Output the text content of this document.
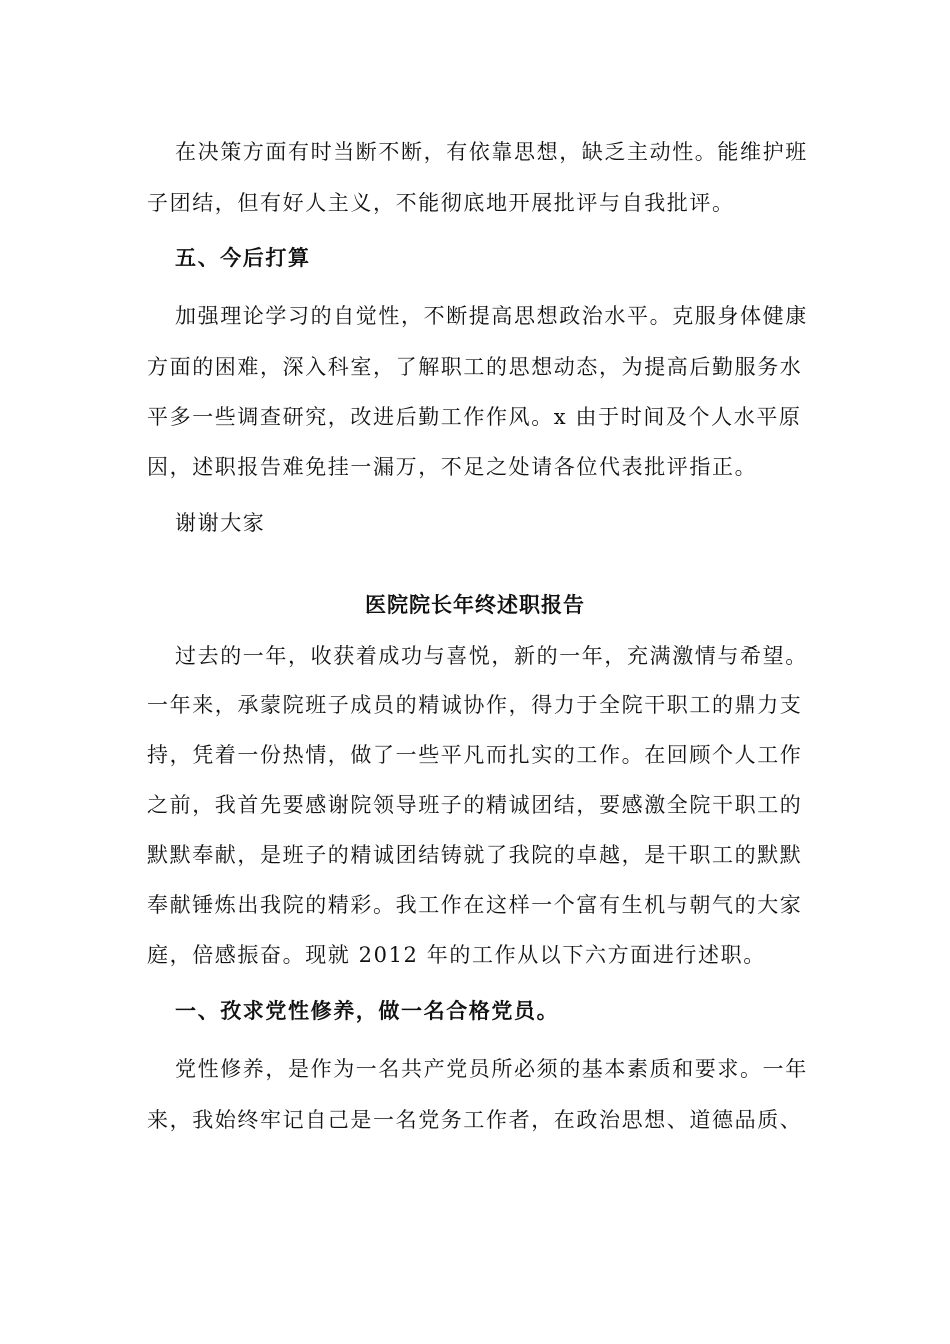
在决策方面有时当断不断，有依靠思想，缺乏主动性。能维护班
子团结，但有好人主义，不能彻底地开展批评与自我批评。
五、今后打算
加强理论学习的自觉性，不断提高思想政治水平。克服身体健康
方面的困难，深入科室，了解职工的思想动态，为提高后勤服务水
平多一些调查研究，改进后勤工作作风。x 由于时间及个人水平原
因，述职报告难免挂一漏万，不足之处请各位代表批评指正。
谢谢大家
医院院长年终述职报告
过去的一年，收获着成功与喜悦，新的一年，充满激情与希望。
一年来，承蒙院班子成员的精诚协作，得力于全院干职工的鼎力支
持，凭着一份热情，做了一些平凡而扎实的工作。在回顾个人工作
之前，我首先要感谢院领导班子的精诚团结，要感激全院干职工的
默默奉献，是班子的精诚团结铸就了我院的卓越，是干职工的默默
奉献锤炼出我院的精彩。我工作在这样一个富有生机与朝气的大家
庭，倍感振奋。现就 2012 年的工作从以下六方面进行述职。
一、孜求党性修养，做一名合格党员。
党性修养，是作为一名共产党员所必须的基本素质和要求。一年
来，我始终牢记自己是一名党务工作者，在政治思想、道德品质、
